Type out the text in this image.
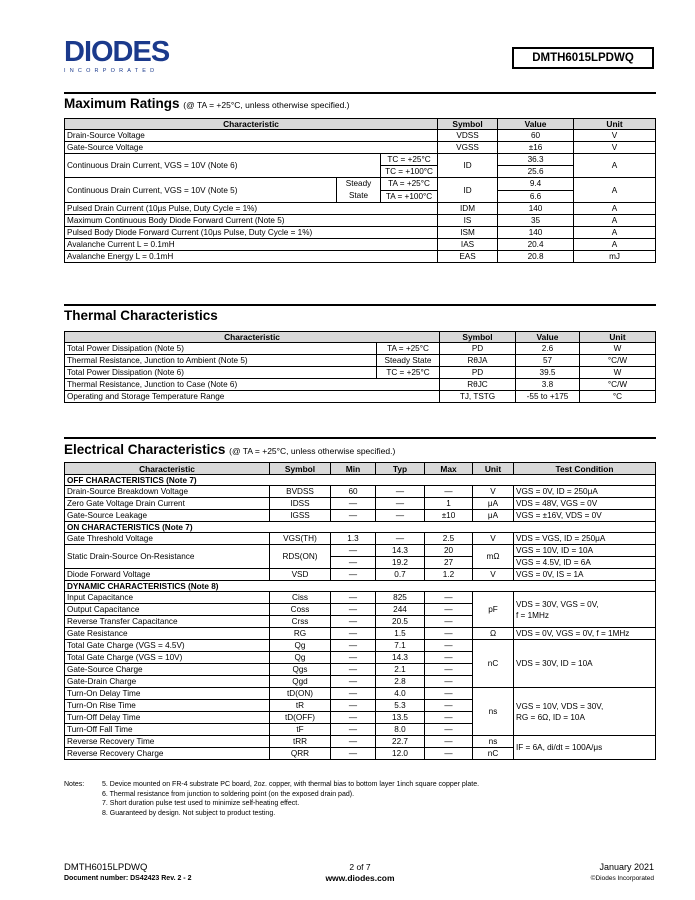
DIODES
INCORPORATED
DMTH6015LPDWQ
Maximum Ratings (@ TA = +25°C, unless otherwise specified.)
Characteristic			Symbol	Value	Unit
Drain-Source Voltage			VDSS	60	V
Gate-Source Voltage			VGSS	±16	V
Continuous Drain Current, VGS = 10V (Note 6)		TC = +25°C	ID	36.3	A
		TC = +100°C		25.6	
Continuous Drain Current, VGS = 10V (Note 5)	Steady State	TA = +25°C	ID	9.4	A
		TA = +100°C		6.6	
Pulsed Drain Current (10μs Pulse, Duty Cycle = 1%)			IDM	140	A
Maximum Continuous Body Diode Forward Current (Note 5)			IS	35	A
Pulsed Body Diode Forward Current (10μs Pulse, Duty Cycle = 1%)			ISM	140	A
Avalanche Current L = 0.1mH			IAS	20.4	A
Avalanche Energy L = 0.1mH			EAS	20.8	mJ
Thermal Characteristics
Characteristic		Symbol	Value	Unit
Total Power Dissipation (Note 5)	TA = +25°C	PD	2.6	W
Thermal Resistance, Junction to Ambient (Note 5)	Steady State	RθJA	57	°C/W
Total Power Dissipation (Note 6)	TC = +25°C	PD	39.5	W
Thermal Resistance, Junction to Case (Note 6)		RθJC	3.8	°C/W
Operating and Storage Temperature Range		TJ, TSTG	-55 to +175	°C
Electrical Characteristics (@ TA = +25°C, unless otherwise specified.)
Characteristic	Symbol	Min	Typ	Max	Unit	Test Condition
OFF CHARACTERISTICS (Note 7)						
Drain-Source Breakdown Voltage	BVDSS	60	—	—	V	VGS = 0V, ID = 250μA
Zero Gate Voltage Drain Current	IDSS	—	—	1	μA	VDS = 48V, VGS = 0V
Gate-Source Leakage	IGSS	—	—	±10	μA	VGS = ±16V, VDS = 0V
ON CHARACTERISTICS (Note 7)						
Gate Threshold Voltage	VGS(TH)	1.3	—	2.5	V	VDS = VGS, ID = 250μA
Static Drain-Source On-Resistance	RDS(ON)	—	14.3	20	mΩ	VGS = 10V, ID = 10A
		—	19.2	27		VGS = 4.5V, ID = 6A
Diode Forward Voltage	VSD	—	0.7	1.2	V	VGS = 0V, IS = 1A
DYNAMIC CHARACTERISTICS (Note 8)						
Input Capacitance	Ciss	—	825	—	pF	VDS = 30V, VGS = 0V,
f = 1MHz

Output Capacitance	Coss	—	244	—		
Reverse Transfer Capacitance	Crss	—	20.5	—		
Gate Resistance	RG	—	1.5	—	Ω	VDS = 0V, VGS = 0V, f = 1MHz
Total Gate Charge (VGS = 4.5V)	Qg	—	7.1	—	nC	VDS = 30V, ID = 10A
Total Gate Charge (VGS = 10V)	Qg	—	14.3	—		
Gate-Source Charge	Qgs	—	2.1	—		
Gate-Drain Charge	Qgd	—	2.8	—		
Turn-On Delay Time	tD(ON)	—	4.0	—	ns	VGS = 10V, VDS = 30V,
RG = 6Ω, ID = 10A

Turn-On Rise Time	tR	—	5.3	—		
Turn-Off Delay Time	tD(OFF)	—	13.5	—		
Turn-Off Fall Time	tF	—	8.0	—		
Reverse Recovery Time	tRR	—	22.7	—	ns	IF = 6A, di/dt = 100A/μs
Reverse Recovery Charge	QRR	—	12.0	—	nC	
Notes:	5. Device mounted on FR-4 substrate PC board, 2oz. copper, with thermal bias to bottom layer 1inch square copper plate.
6. Thermal resistance from junction to soldering point (on the exposed drain pad).
7. Short duration pulse test used to minimize self-heating effect.
8. Guaranteed by design. Not subject to product testing.
DMTH6015LPDWQ
Document number: DS42423 Rev. 2 - 2
2 of 7
www.diodes.com
January 2021
©Diodes Incorporated
